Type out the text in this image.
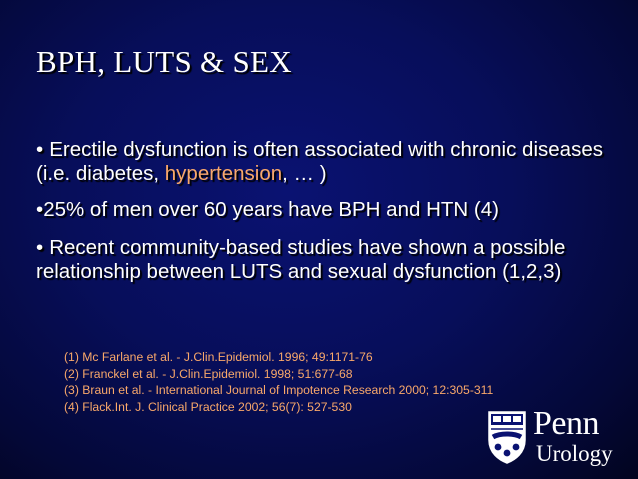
BPH, LUTS & SEX
• Erectile dysfunction is often associated with chronic diseases (i.e. diabetes, hypertension, … )
•25% of men over 60 years have BPH and HTN (4)
• Recent community-based studies have shown a possible relationship between LUTS and sexual dysfunction (1,2,3)
(1) Mc Farlane et al. - J.Clin.Epidemiol. 1996; 49:1171-76
(2) Franckel et al. - J.Clin.Epidemiol. 1998; 51:677-68
(3) Braun et al. - International Journal of Impotence Research 2000; 12:305-311
(4) Flack.Int. J. Clinical Practice 2002; 56(7): 527-530	Penn
Urology
